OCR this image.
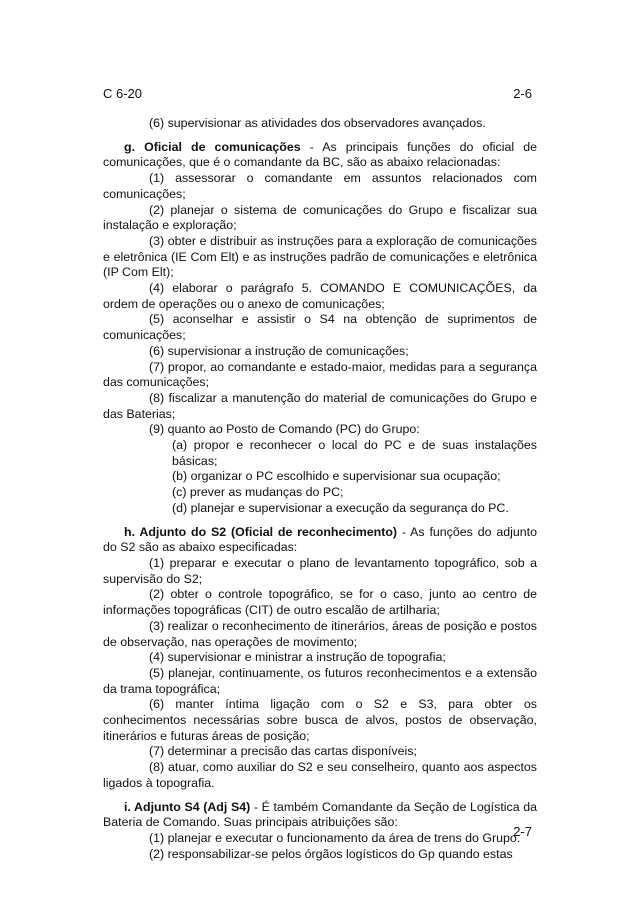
C 6-20	2-6

(6) supervisionar as atividades dos observadores avançados.

g. Oficial de comunicações - As principais funções do oficial de comunicações, que é o comandante da BC, são as abaixo relacionadas:

(1) assessorar o comandante em assuntos relacionados com comunicações;

(2) planejar o sistema de comunicações do Grupo e fiscalizar sua instalação e exploração;

(3) obter e distribuir as instruções para a exploração de comunicações e eletrônica (IE Com Elt) e as instruções padrão de comunicações e eletrônica (IP Com Elt);

(4) elaborar o parágrafo 5. COMANDO E COMUNICAÇÕES, da ordem de operações ou o anexo de comunicações;

(5) aconselhar e assistir o S4 na obtenção de suprimentos de comunicações;

(6) supervisionar a instrução de comunicações;

(7) propor, ao comandante e estado-maior, medidas para a segurança das comunicações;

(8) fiscalizar a manutenção do material de comunicações do Grupo e das Baterias;

(9) quanto ao Posto de Comando (PC) do Grupo:

(a) propor e reconhecer o local do PC e de suas instalações básicas;

(b) organizar o PC escolhido e supervisionar sua ocupação;

(c) prever as mudanças do PC;

(d) planejar e supervisionar a execução da segurança do PC.

h. Adjunto do S2 (Oficial de reconhecimento) - As funções do adjunto do S2 são as abaixo especificadas:

(1) preparar e executar o plano de levantamento topográfico, sob a supervisão do S2;

(2) obter o controle topográfico, se for o caso, junto ao centro de informações topográficas (CIT) de outro escalão de artilharia;

(3) realizar o reconhecimento de itinerários, áreas de posição e postos de observação, nas operações de movimento;

(4) supervisionar e ministrar a instrução de topografia;

(5) planejar, continuamente, os futuros reconhecimentos e a extensão da trama topográfica;

(6) manter íntima ligação com o S2 e S3, para obter os conhecimentos necessárias sobre busca de alvos, postos de observação, itinerários e futuras áreas de posição;

(7) determinar a precisão das cartas disponíveis;

(8) atuar, como auxiliar do S2 e seu conselheiro, quanto aos aspectos ligados à topografia.

i. Adjunto S4 (Adj S4) - É também Comandante da Seção de Logística da Bateria de Comando. Suas principais atribuições são:

(1) planejar e executar o funcionamento da área de trens do Grupo.

(2) responsabilizar-se pelos órgãos logísticos do Gp quando estas

2-7
